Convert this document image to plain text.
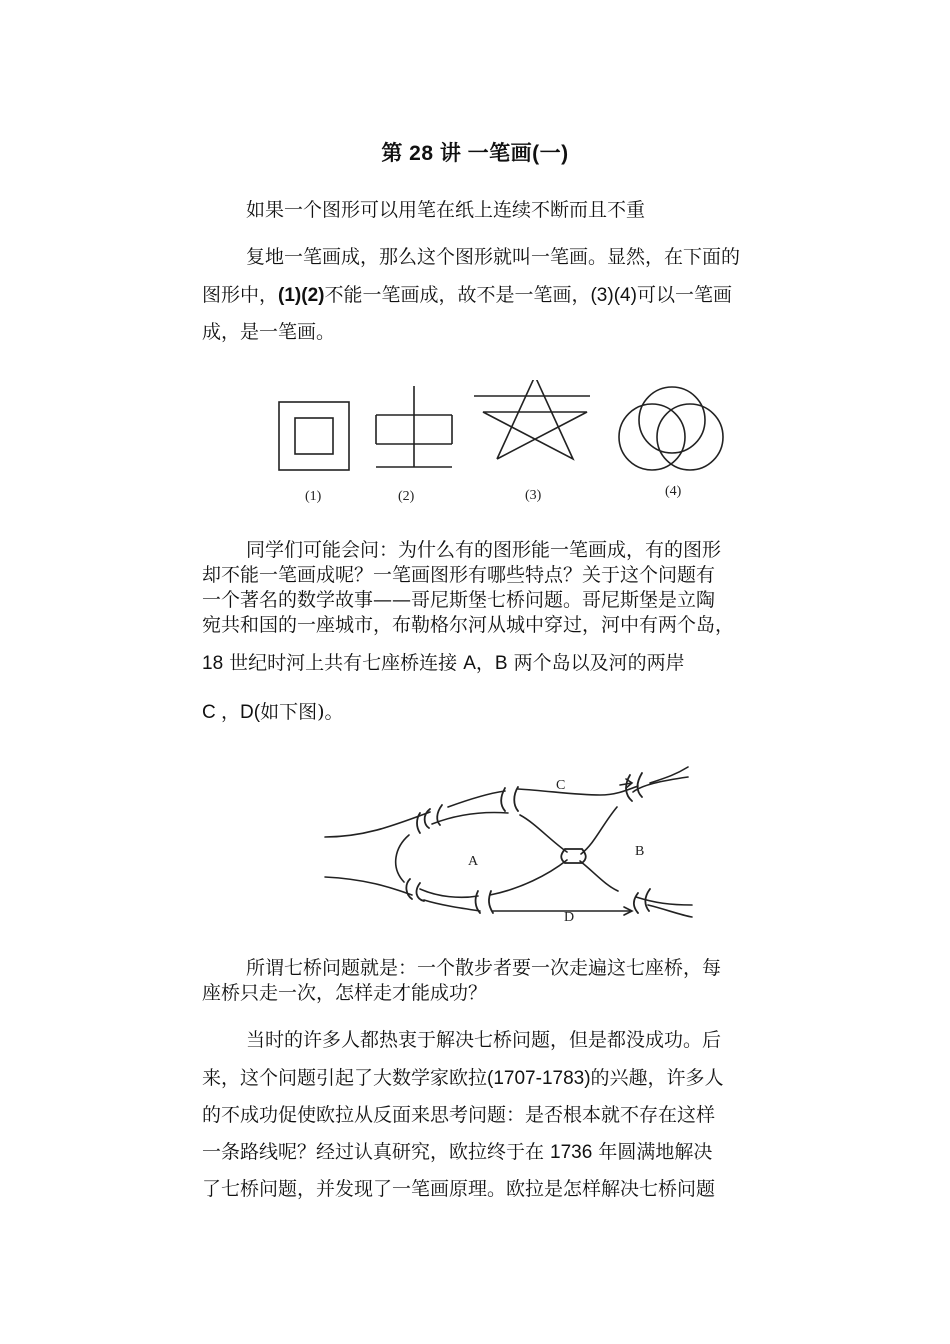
第 28 讲 一笔画(一)
如果一个图形可以用笔在纸上连续不断而且不重
复地一笔画成，那么这个图形就叫一笔画。显然，在下面的
图形中，(1)(2)不能一笔画成，故不是一笔画，(3)(4)可以一笔画
成，是一笔画。
(1)	(2)	(3)	(4)
同学们可能会问：为什么有的图形能一笔画成，有的图形
却不能一笔画成呢？一笔画图形有哪些特点？关于这个问题有
一个著名的数学故事——哥尼斯堡七桥问题。哥尼斯堡是立陶
宛共和国的一座城市，布勒格尔河从城中穿过，河中有两个岛，
18 世纪时河上共有七座桥连接 A，B 两个岛以及河的两岸
C ，D(如下图)。
A
B
C
D
所谓七桥问题就是：一个散步者要一次走遍这七座桥，每
座桥只走一次，怎样走才能成功？
当时的许多人都热衷于解决七桥问题，但是都没成功。后
来，这个问题引起了大数学家欧拉(1707-1783)的兴趣，许多人
的不成功促使欧拉从反面来思考问题：是否根本就不存在这样
一条路线呢？经过认真研究，欧拉终于在 1736 年圆满地解决
了七桥问题，并发现了一笔画原理。欧拉是怎样解决七桥问题
